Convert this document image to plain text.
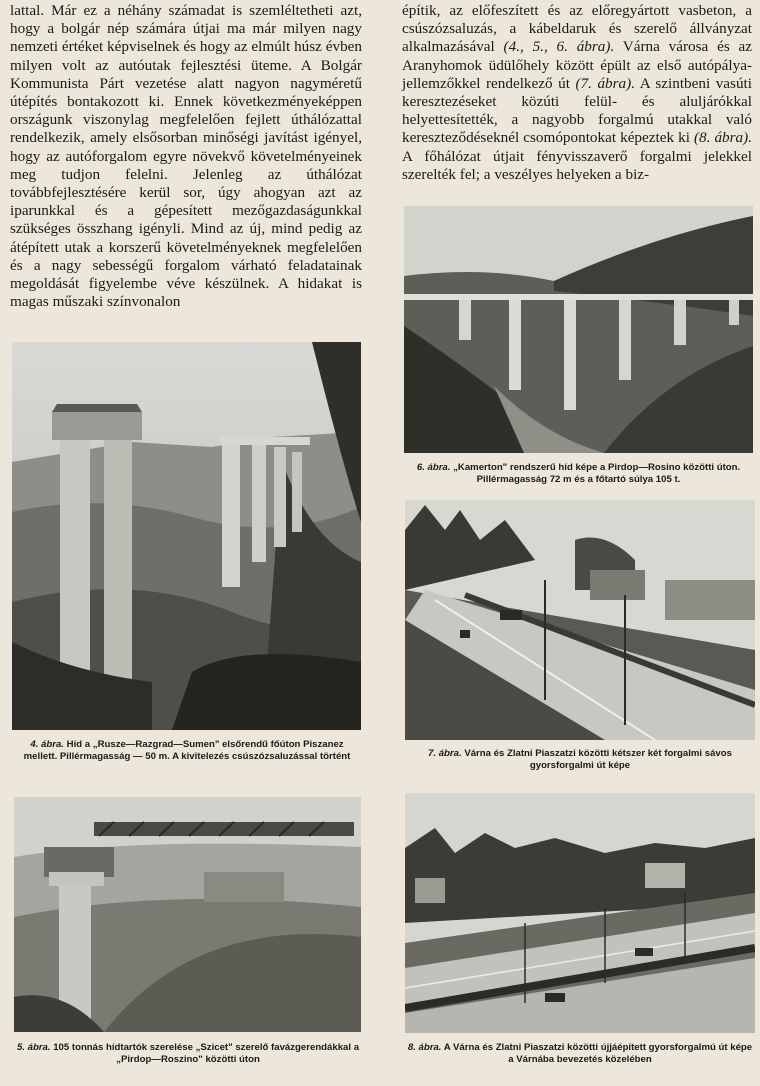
lattal. Már ez a néhány számadat is szemléltetheti azt, hogy a bolgár nép számára útjai ma már milyen nagy nemzeti értéket képviselnek és hogy az elmúlt húsz évben milyen volt az autóutak fejlesztési üteme. A Bolgár Kommunista Párt vezetése alatt nagyon nagyméretű útépítés bontakozott ki. Ennek következményeképpen országunk viszonylag megfelelően fejlett úthálózattal rendelkezik, amely elsősorban minőségi javítást igényel, hogy az autóforgalom egyre növekvő követelményeinek meg tudjon felelni. Jelenleg az úthálózat továbbfejlesztésére kerül sor, úgy ahogyan azt az iparunkkal és a gépesített mezőgazdaságunkkal szükséges összhang igényli. Mind az új, mind pedig az átépített utak a korszerű követelményeknek megfelelően és a nagy sebességű forgalom várható feladatainak megoldását figyelembe véve készülnek. A hidakat is magas műszaki színvonalon
építik, az előfeszített és az előregyártott vasbeton, a csúszózsaluzás, a kábeldaruk és szerelő állványzat alkalmazásával (4., 5., 6. ábra). Várna városa és az Aranyhomok üdülőhely között épült az első autópálya-jellemzőkkel rendelkező út (7. ábra). A szintbeni vasúti keresztezéseket közúti felül- és aluljárókkal helyettesítették, a nagyobb forgalmú utakkal való kereszteződéseknél csomópontokat képeztek ki (8. ábra). A főhálózat útjait fényvisszaverő forgalmi jelekkel szerelték fel; a veszélyes helyeken a biz-
4. ábra. Híd a „Rusze—Razgrad—Sumen" elsőrendű főúton Piszanez mellett. Pillérmagasság — 50 m. A kivitelezés csúszózsaluzással történt
5. ábra. 105 tonnás hídtartók szerelése „Szicet" szerelő favázgerendákkal a „Pirdop—Roszino" közötti úton
6. ábra. „Kamerton" rendszerű híd képe a Pirdop—Rosino közötti úton. Pillérmagasság 72 m és a főtartó súlya 105 t.
7. ábra. Várna és Zlatni Piaszatzi közötti kétszer két forgalmi sávos gyorsforgalmi út képe
8. ábra. A Várna és Zlatni Piaszatzi közötti újjáépített gyorsforgalmú út képe a Várnába bevezetés közelében
